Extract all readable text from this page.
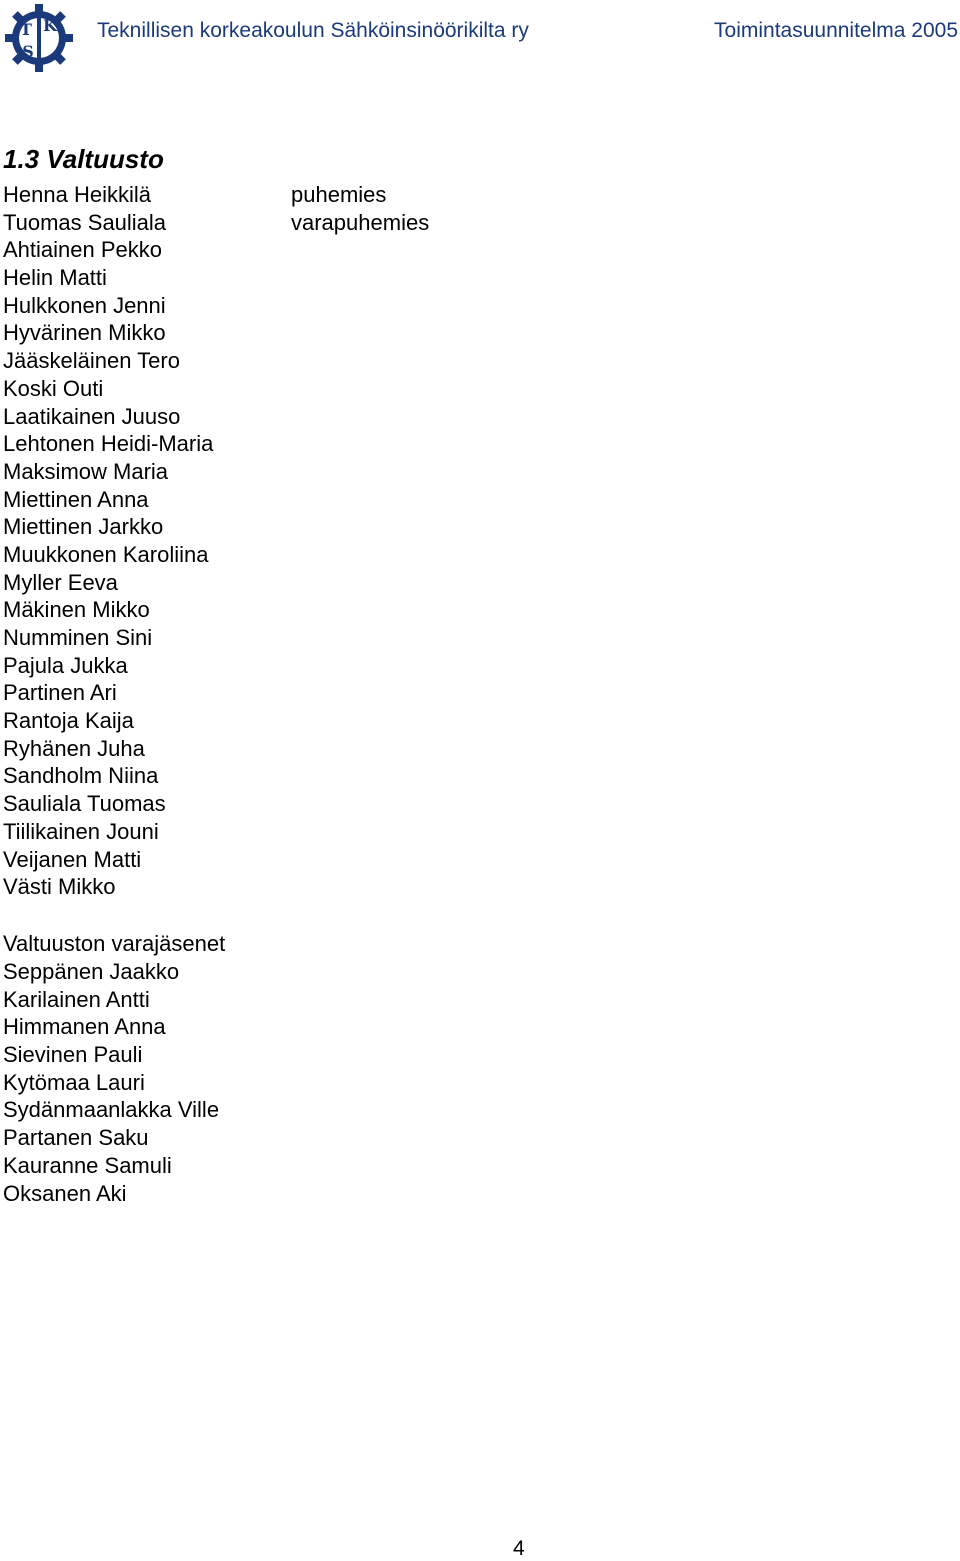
T K
S
Teknillisen korkeakoulun Sähköinsinöörikilta ry	Toimintasuunnitelma 2005
1.3 Valtuusto
Henna Heikkilä	puhemies
Tuomas Sauliala	varapuhemies
Ahtiainen Pekko
Helin Matti
Hulkkonen Jenni
Hyvärinen Mikko
Jääskeläinen Tero
Koski Outi
Laatikainen Juuso
Lehtonen Heidi-Maria
Maksimow Maria
Miettinen Anna
Miettinen Jarkko
Muukkonen Karoliina
Myller Eeva
Mäkinen Mikko
Numminen Sini
Pajula Jukka
Partinen Ari
Rantoja Kaija
Ryhänen Juha
Sandholm Niina
Sauliala Tuomas
Tiilikainen Jouni
Veijanen Matti
Västi Mikko
Valtuuston varajäsenet
Seppänen Jaakko
Karilainen Antti
Himmanen Anna
Sievinen Pauli
Kytömaa Lauri
Sydänmaanlakka Ville
Partanen Saku
Kauranne Samuli
Oksanen Aki
4
